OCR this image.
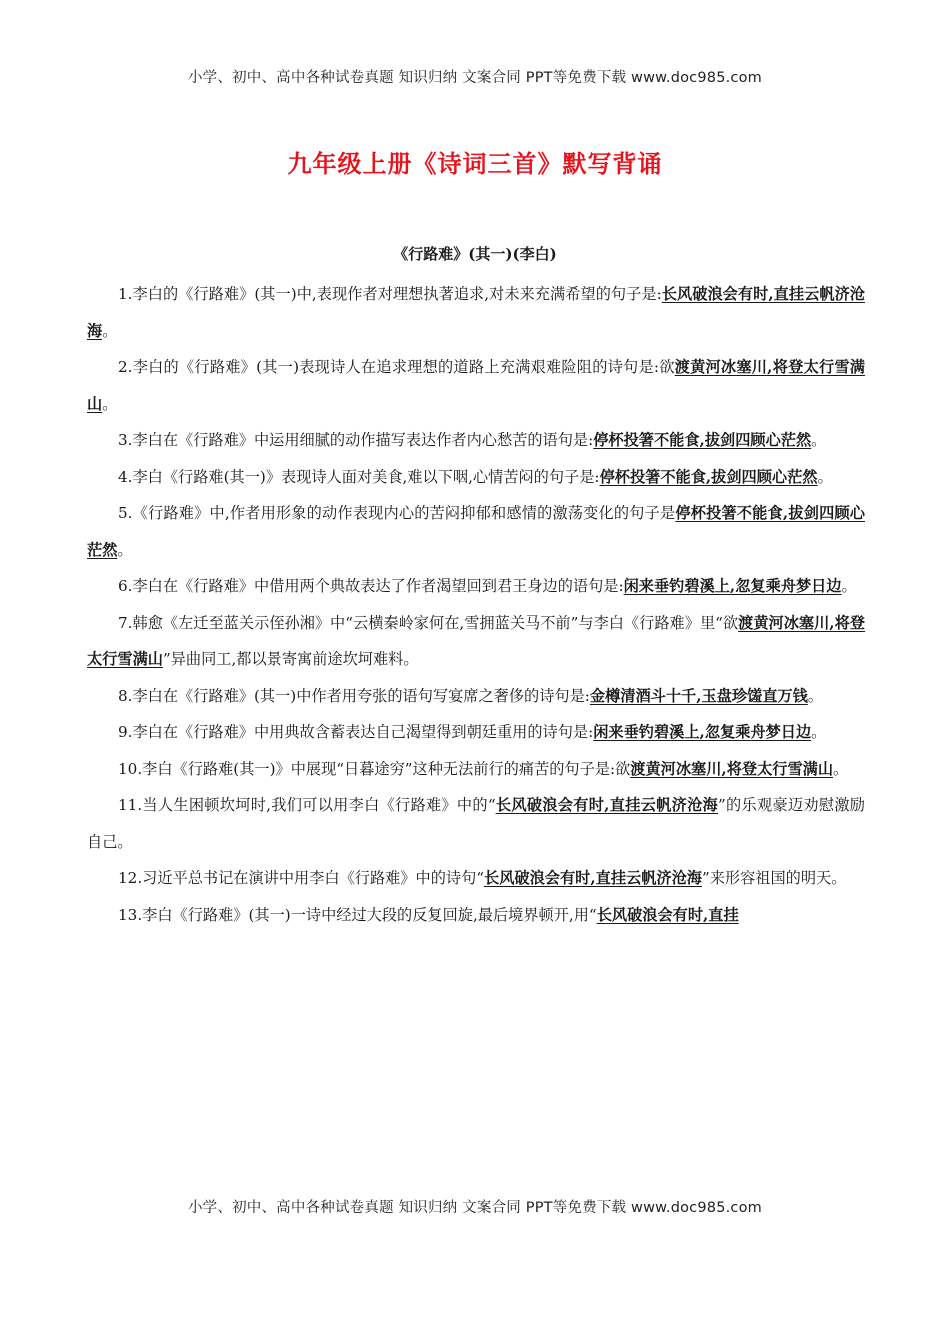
小学、初中、高中各种试卷真题 知识归纳 文案合同 PPT等免费下载 www.doc985.com
九年级上册《诗词三首》默写背诵
《行路难》(其一)(李白)

1.李白的《行路难》(其一)中,表现作者对理想执著追求,对未来充满希望的句子是:长风破浪会有时,直挂云帆济沧海。

2.李白的《行路难》(其一)表现诗人在追求理想的道路上充满艰难险阻的诗句是:欲渡黄河冰塞川,将登太行雪满山。

3.李白在《行路难》中运用细腻的动作描写表达作者内心愁苦的语句是:停杯投箸不能食,拔剑四顾心茫然。

4.李白《行路难(其一)》表现诗人面对美食,难以下咽,心情苦闷的句子是:停杯投箸不能食,拔剑四顾心茫然。

5.《行路难》中,作者用形象的动作表现内心的苦闷抑郁和感情的激荡变化的句子是停杯投箸不能食,拔剑四顾心茫然。

6.李白在《行路难》中借用两个典故表达了作者渴望回到君王身边的语句是:闲来垂钓碧溪上,忽复乘舟梦日边。

7.韩愈《左迁至蓝关示侄孙湘》中“云横秦岭家何在,雪拥蓝关马不前”与李白《行路难》里“欲渡黄河冰塞川,将登太行雪满山”异曲同工,都以景寄寓前途坎坷难料。

8.李白在《行路难》(其一)中作者用夸张的语句写宴席之奢侈的诗句是:金樽清酒斗十千,玉盘珍馐直万钱。

9.李白在《行路难》中用典故含蓄表达自己渴望得到朝廷重用的诗句是:闲来垂钓碧溪上,忽复乘舟梦日边。

10.李白《行路难(其一)》中展现“日暮途穷”这种无法前行的痛苦的句子是:欲渡黄河冰塞川,将登太行雪满山。

11.当人生困顿坎坷时,我们可以用李白《行路难》中的“长风破浪会有时,直挂云帆济沧海”的乐观豪迈劝慰激励自己。

12.习近平总书记在演讲中用李白《行路难》中的诗句“长风破浪会有时,直挂云帆济沧海”来形容祖国的明天。

13.李白《行路难》(其一)一诗中经过大段的反复回旋,最后境界顿开,用“长风破浪会有时,直挂

小学、初中、高中各种试卷真题 知识归纳 文案合同 PPT等免费下载 www.doc985.com
